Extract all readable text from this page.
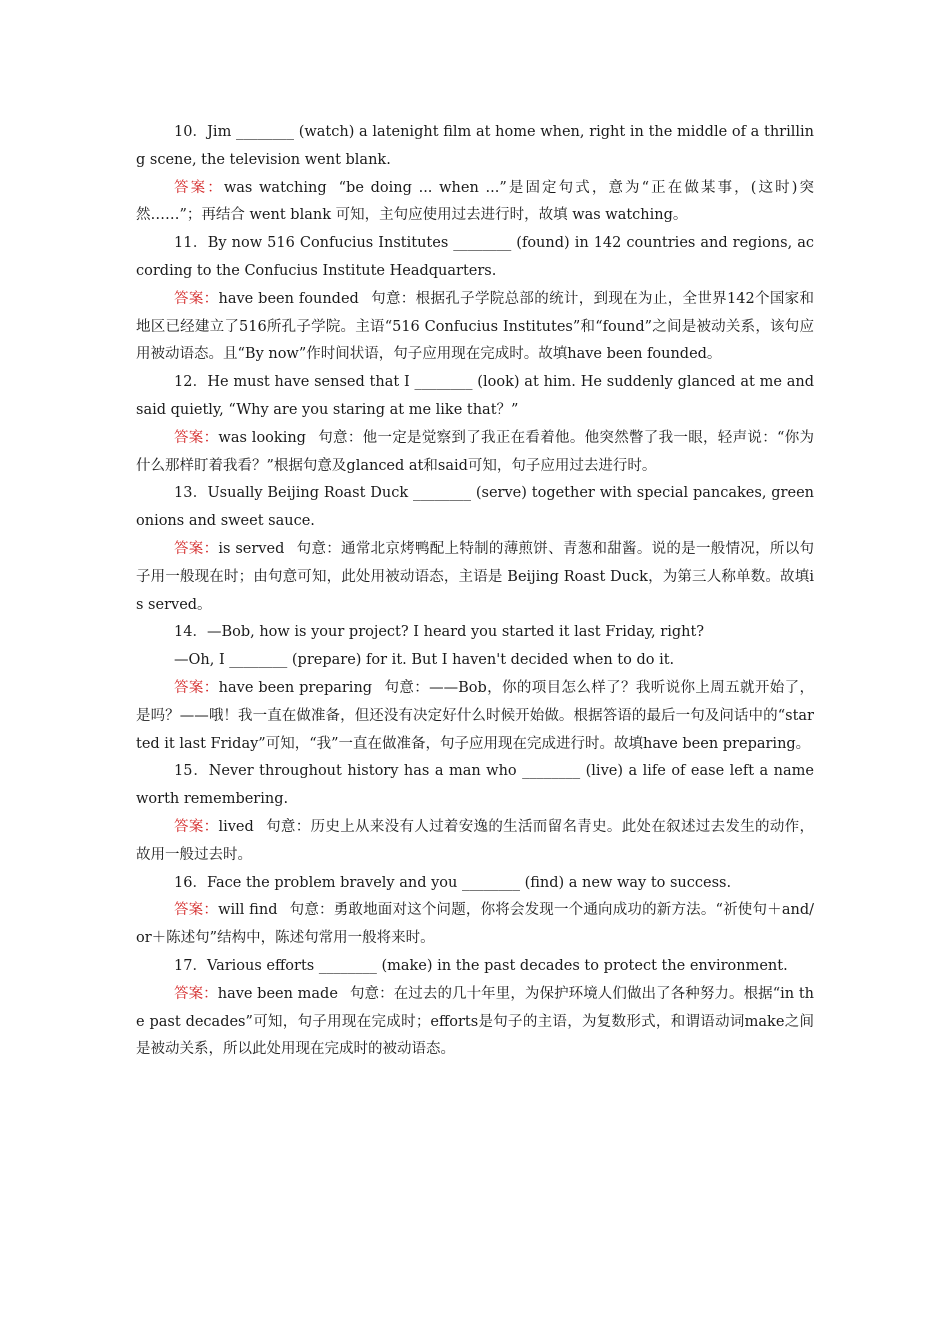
10．Jim ________ (watch) a latenight film at home when, right in the middle of a thrilling scene, the television went blank.

答案：was watching “be doing ... when ...”是固定句式，意为“正在做某事，(这时)突然……”；再结合 went blank 可知，主句应使用过去进行时，故填 was watching。

11．By now 516 Confucius Institutes ________ (found) in 142 countries and regions, according to the Confucius Institute Headquarters.

答案：have been founded 句意：根据孔子学院总部的统计，到现在为止，全世界142个国家和地区已经建立了516所孔子学院。主语“516 Confucius Institutes”和“found”之间是被动关系，该句应用被动语态。且“By now”作时间状语，句子应用现在完成时。故填have been founded。

12．He must have sensed that I ________ (look) at him. He suddenly glanced at me and said quietly, “Why are you staring at me like that？”

答案：was looking 句意：他一定是觉察到了我正在看着他。他突然瞥了我一眼，轻声说：“你为什么那样盯着我看？”根据句意及glanced at和said可知，句子应用过去进行时。

13．Usually Beijing Roast Duck ________ (serve) together with special pancakes, green onions and sweet sauce.

答案：is served 句意：通常北京烤鸭配上特制的薄煎饼、青葱和甜酱。说的是一般情况，所以句子用一般现在时；由句意可知，此处用被动语态，主语是 Beijing Roast Duck，为第三人称单数。故填is served。

14．—Bob, how is your project? I heard you started it last Friday, right?

—Oh, I ________ (prepare) for it. But I haven't decided when to do it.

答案：have been preparing 句意：——Bob，你的项目怎么样了？我听说你上周五就开始了，是吗？——哦！我一直在做准备，但还没有决定好什么时候开始做。根据答语的最后一句及问话中的“started it last Friday”可知，“我”一直在做准备，句子应用现在完成进行时。故填have been preparing。

15．Never throughout history has a man who ________ (live) a life of ease left a name worth remembering.

答案：lived 句意：历史上从来没有人过着安逸的生活而留名青史。此处在叙述过去发生的动作，故用一般过去时。

16．Face the problem bravely and you ________ (find) a new way to success.

答案：will find 句意：勇敢地面对这个问题，你将会发现一个通向成功的新方法。“祈使句＋and/or＋陈述句”结构中，陈述句常用一般将来时。

17．Various efforts ________ (make) in the past decades to protect the environment.

答案：have been made 句意：在过去的几十年里，为保护环境人们做出了各种努力。根据“in the past decades”可知，句子用现在完成时；efforts是句子的主语，为复数形式，和谓语动词make之间是被动关系，所以此处用现在完成时的被动语态。
